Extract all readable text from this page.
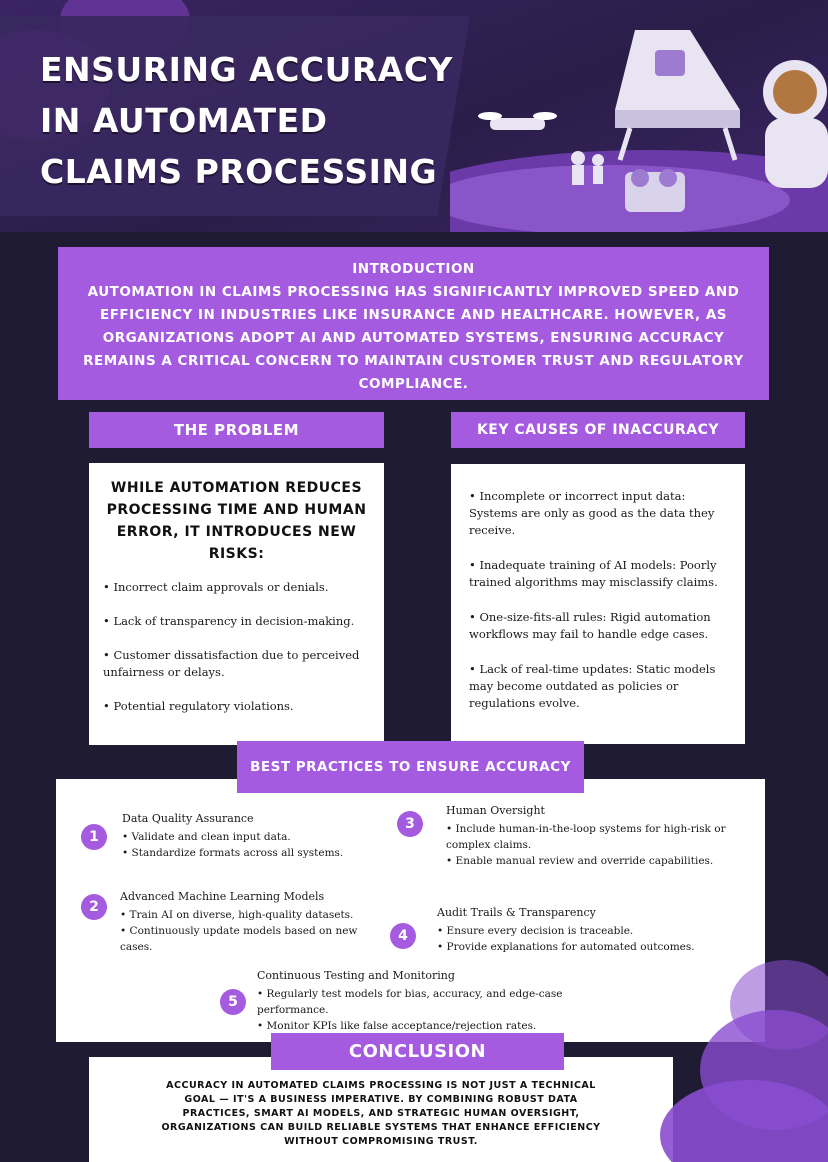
ENSURING ACCURACY IN AUTOMATED CLAIMS PROCESSING
INTRODUCTION
AUTOMATION IN CLAIMS PROCESSING HAS SIGNIFICANTLY IMPROVED SPEED AND EFFICIENCY IN INDUSTRIES LIKE INSURANCE AND HEALTHCARE. HOWEVER, AS ORGANIZATIONS ADOPT AI AND AUTOMATED SYSTEMS, ENSURING ACCURACY REMAINS A CRITICAL CONCERN TO MAINTAIN CUSTOMER TRUST AND REGULATORY COMPLIANCE.
THE PROBLEM
WHILE AUTOMATION REDUCES PROCESSING TIME AND HUMAN ERROR, IT INTRODUCES NEW RISKS:
• Incorrect claim approvals or denials.
• Lack of transparency in decision-making.
• Customer dissatisfaction due to perceived unfairness or delays.
• Potential regulatory violations.
KEY CAUSES OF INACCURACY
• Incomplete or incorrect input data: Systems are only as good as the data they receive.
• Inadequate training of AI models: Poorly trained algorithms may misclassify claims.
• One-size-fits-all rules: Rigid automation workflows may fail to handle edge cases.
• Lack of real-time updates: Static models may become outdated as policies or regulations evolve.
1
Data Quality Assurance
• Validate and clean input data.
• Standardize formats across all systems.
2
Advanced Machine Learning Models
• Train AI on diverse, high-quality datasets.
• Continuously update models based on new cases.
3
Human Oversight
• Include human-in-the-loop systems for high-risk or complex claims.
• Enable manual review and override capabilities.
4
Audit Trails & Transparency
• Ensure every decision is traceable.
• Provide explanations for automated outcomes.
5
Continuous Testing and Monitoring
• Regularly test models for bias, accuracy, and edge-case performance.
• Monitor KPIs like false acceptance/rejection rates.
BEST PRACTICES TO ENSURE ACCURACY
ACCURACY IN AUTOMATED CLAIMS PROCESSING IS NOT JUST A TECHNICAL GOAL — IT'S A BUSINESS IMPERATIVE. BY COMBINING ROBUST DATA PRACTICES, SMART AI MODELS, AND STRATEGIC HUMAN OVERSIGHT, ORGANIZATIONS CAN BUILD RELIABLE SYSTEMS THAT ENHANCE EFFICIENCY WITHOUT COMPROMISING TRUST.
CONCLUSION
